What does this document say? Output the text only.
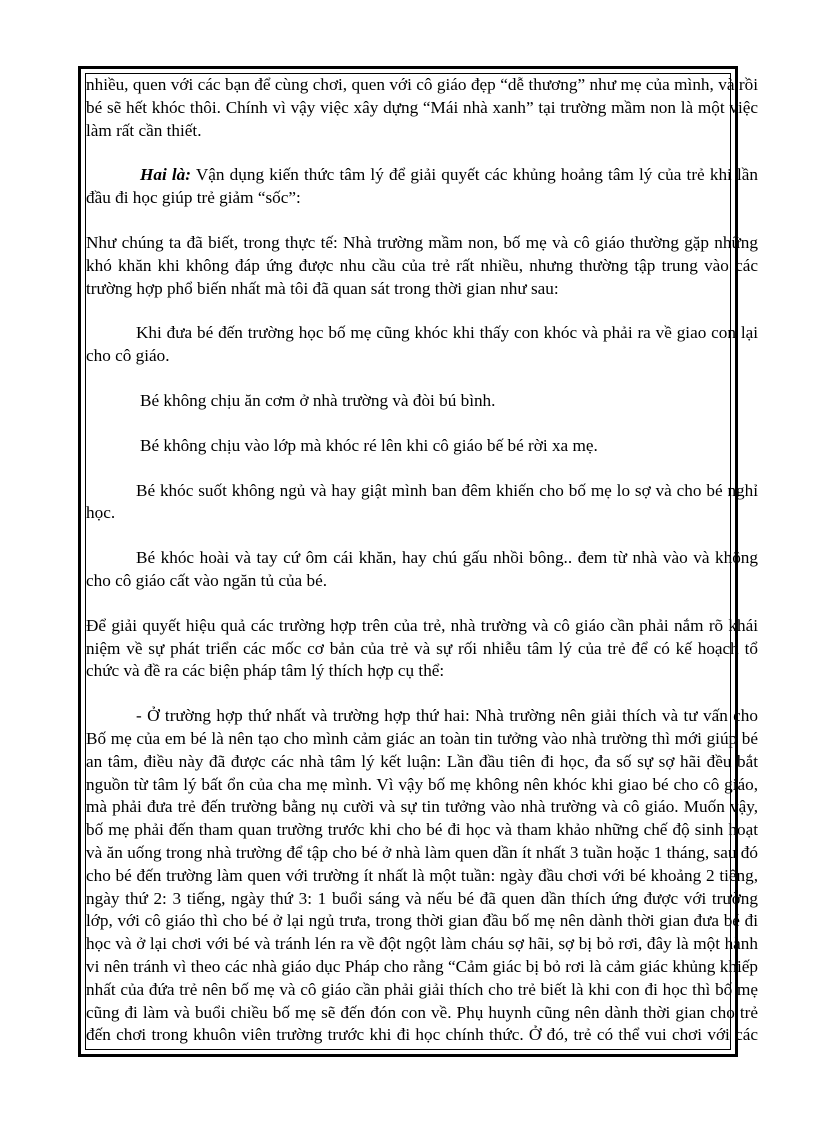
nhiều, quen với các bạn để cùng chơi, quen với cô giáo đẹp “dễ thương” như mẹ của mình, và rồi bé sẽ hết khóc thôi. Chính vì vậy việc xây dựng “Mái nhà xanh” tại trường mầm non là một việc làm rất cần thiết.

Hai là: Vận dụng kiến thức tâm lý để giải quyết các khủng hoảng tâm lý của trẻ khi lần đầu đi học giúp trẻ giảm “sốc”:

Như chúng ta đã biết, trong thực tế: Nhà trường mầm non, bố mẹ và cô giáo thường gặp những khó khăn khi không đáp ứng được nhu cầu của trẻ rất nhiều, nhưng thường tập trung vào các trường hợp phổ biến nhất mà tôi đã quan sát trong thời gian như sau:

Khi đưa bé đến trường học bố mẹ cũng khóc khi thấy con khóc và phải ra về giao con lại cho cô giáo.

Bé không chịu ăn cơm ở nhà trường và đòi bú bình.

Bé không chịu vào lớp mà khóc ré lên khi cô giáo bế bé rời xa mẹ.

Bé khóc suốt không ngủ và hay giật mình ban đêm khiến cho bố mẹ lo sợ và cho bé nghỉ học.

Bé khóc hoài và tay cứ ôm cái khăn, hay chú gấu nhồi bông.. đem từ nhà vào và không cho cô giáo cất vào ngăn tủ của bé.

Để giải quyết hiệu quả các trường hợp trên của trẻ, nhà trường và cô giáo cần phải nắm rõ khái niệm về sự phát triển các mốc cơ bản của trẻ và sự rối nhiễu tâm lý của trẻ để có kế hoạch tổ chức và đề ra các biện pháp tâm lý thích hợp cụ thể:

- Ở trường hợp thứ nhất và trường hợp thứ hai: Nhà trường nên giải thích và tư vấn cho Bố mẹ của em bé là nên tạo cho mình cảm giác an toàn tin tưởng vào nhà trường thì mới giúp bé an tâm, điều này đã được các nhà tâm lý kết luận: Lần đầu tiên đi học, đa số sự sợ hãi đều bắt nguồn từ tâm lý bất ổn của cha mẹ mình. Vì vậy bố mẹ không nên khóc khi giao bé cho cô giáo, mà phải đưa trẻ đến trường bằng nụ cười và sự tin tưởng vào nhà trường và cô giáo. Muốn vậy, bố mẹ phải đến tham quan trường trước khi cho bé đi học và tham khảo những chế độ sinh hoạt và ăn uống trong nhà trường để tập cho bé ở nhà làm quen dần ít nhất 3 tuần hoặc 1 tháng, sau đó cho bé đến trường làm quen với trường ít nhất là một tuần: ngày đầu chơi với bé khoảng 2 tiếng, ngày thứ 2: 3 tiếng, ngày thứ 3: 1 buổi sáng và nếu bé đã quen dần thích ứng được với trường lớp, với cô giáo thì cho bé ở lại ngủ trưa, trong thời gian đầu bố mẹ nên dành thời gian đưa bé đi học và ở lại chơi với bé và tránh lén ra về đột ngột làm cháu sợ hãi, sợ bị bỏ rơi, đây là một hành vi nên tránh vì theo các nhà giáo dục Pháp cho rằng “Cảm giác bị bỏ rơi là cảm giác khủng khiếp nhất của đứa trẻ nên bố mẹ và cô giáo cần phải giải thích cho trẻ biết là khi con đi học thì bố mẹ cũng đi làm và buổi chiều bố mẹ sẽ đến đón con về. Phụ huynh cũng nên dành thời gian cho trẻ đến chơi trong khuôn viên trường trước khi đi học chính thức. Ở đó, trẻ có thể vui chơi với các
